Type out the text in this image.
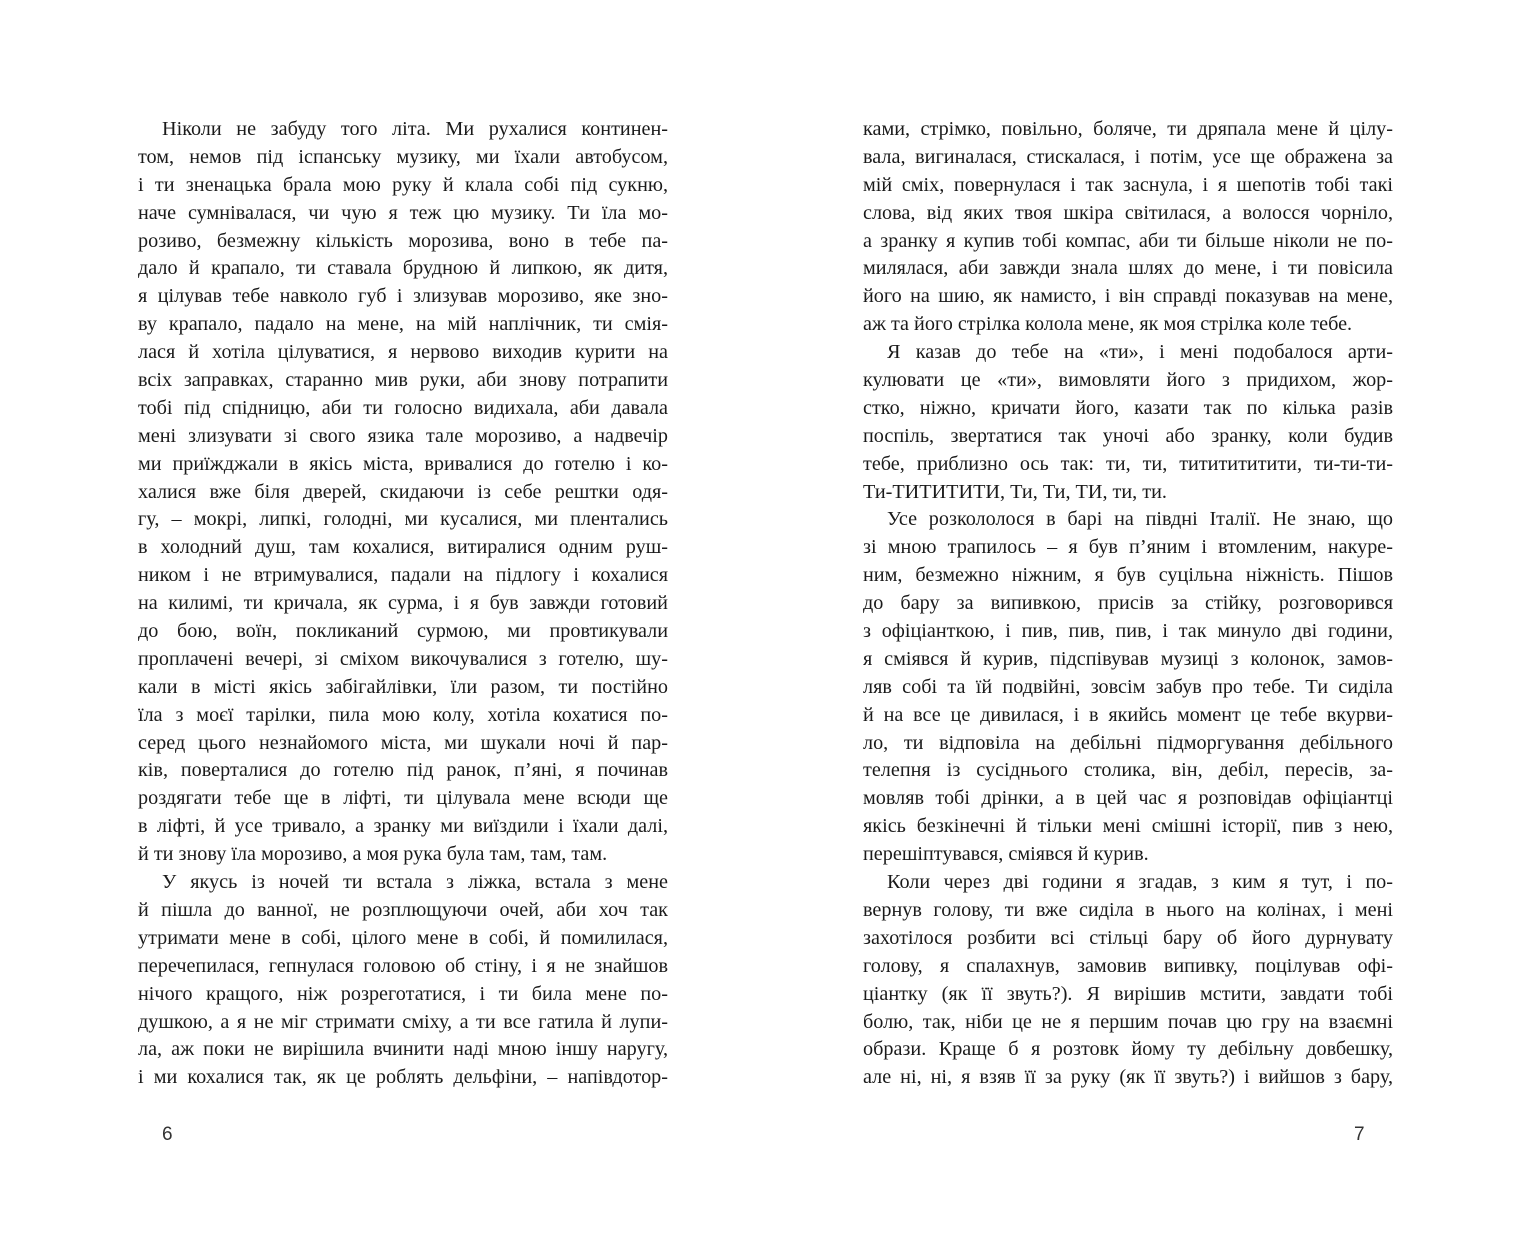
Ніколи не забуду того літа. Ми рухалися континен-
том, немов під іспанську музику, ми їхали автобусом,
і ти зненацька брала мою руку й клала собі під сукню,
наче сумнівалася, чи чую я теж цю музику. Ти їла мо-
розиво, безмежну кількість морозива, воно в тебе па-
дало й крапало, ти ставала брудною й липкою, як дитя,
я цілував тебе навколо губ і злизував морозиво, яке зно-
ву крапало, падало на мене, на мій наплічник, ти смія-
лася й хотіла цілуватися, я нервово виходив курити на
всіх заправках, старанно мив руки, аби знову потрапити
тобі під спідницю, аби ти голосно видихала, аби давала
мені злизувати зі свого язика тале морозиво, а надвечір
ми приїжджали в якісь міста, вривалися до готелю і ко-
халися вже біля дверей, скидаючи із себе рештки одя-
гу, – мокрі, липкі, голодні, ми кусалися, ми плентались
в холодний душ, там кохалися, витиралися одним руш-
ником і не втримувалися, падали на підлогу і кохалися
на килимі, ти кричала, як сурма, і я був завжди готовий
до бою, воїн, покликаний сурмою, ми провтикували
проплачені вечері, зі сміхом викочувалися з готелю, шу-
кали в місті якісь забігайлівки, їли разом, ти постійно
їла з моєї тарілки, пила мою колу, хотіла кохатися по-
серед цього незнайомого міста, ми шукали ночі й пар-
ків, поверталися до готелю під ранок, п’яні, я починав
роздягати тебе ще в ліфті, ти цілувала мене всюди ще
в ліфті, й усе тривало, а зранку ми виїздили і їхали далі,
й ти знову їла морозиво, а моя рука була там, там, там.
У якусь із ночей ти встала з ліжка, встала з мене
й пішла до ванної, не розплющуючи очей, аби хоч так
утримати мене в собі, цілого мене в собі, й помилилася,
перечепилася, гепнулася головою об стіну, і я не знайшов
нічого кращого, ніж розреготатися, і ти била мене по-
душкою, а я не міг стримати сміху, а ти все гатила й лупи-
ла, аж поки не вирішила вчинити наді мною іншу наругу,
і ми кохалися так, як це роблять дельфіни, – напівдотор-
6
ками, стрімко, повільно, боляче, ти дряпала мене й цілу-
вала, вигиналася, стискалася, і потім, усе ще ображена за
мій сміх, повернулася і так заснула, і я шепотів тобі такі
слова, від яких твоя шкіра світилася, а волосся чорніло,
а зранку я купив тобі компас, аби ти більше ніколи не по-
милялася, аби завжди знала шлях до мене, і ти повісила
його на шию, як намисто, і він справді показував на мене,
аж та його стрілка колола мене, як моя стрілка коле тебе.
Я казав до тебе на «ти», і мені подобалося арти-
кулювати це «ти», вимовляти його з придихом, жор-
стко, ніжно, кричати його, казати так по кілька разів
поспіль, звертатися так уночі або зранку, коли будив
тебе, приблизно ось так: ти, ти, тититититити, ти-ти-ти-
Ти-ТИТИТИТИ, Ти, Ти, ТИ, ти, ти.
Усе розкололося в барі на півдні Італії. Не знаю, що
зі мною трапилось – я був п’яним і втомленим, накуре-
ним, безмежно ніжним, я був суцільна ніжність. Пішов
до бару за випивкою, присів за стійку, розговорився
з офіціанткою, і пив, пив, пив, і так минуло дві години,
я сміявся й курив, підспівував музиці з колонок, замов-
ляв собі та їй подвійні, зовсім забув про тебе. Ти сиділа
й на все це дивилася, і в якийсь момент це тебе вкурви-
ло, ти відповіла на дебільні підморгування дебільного
телепня із сусіднього столика, він, дебіл, пересів, за-
мовляв тобі дрінки, а в цей час я розповідав офіціантці
якісь безкінечні й тільки мені смішні історії, пив з нею,
перешіптувався, сміявся й курив.
Коли через дві години я згадав, з ким я тут, і по-
вернув голову, ти вже сиділа в нього на колінах, і мені
захотілося розбити всі стільці бару об його дурнувату
голову, я спалахнув, замовив випивку, поцілував офі-
ціантку (як її звуть?). Я вирішив мстити, завдати тобі
болю, так, ніби це не я першим почав цю гру на взаємні
образи. Краще б я розтовк йому ту дебільну довбешку,
але ні, ні, я взяв її за руку (як її звуть?) і вийшов з бару,
7
